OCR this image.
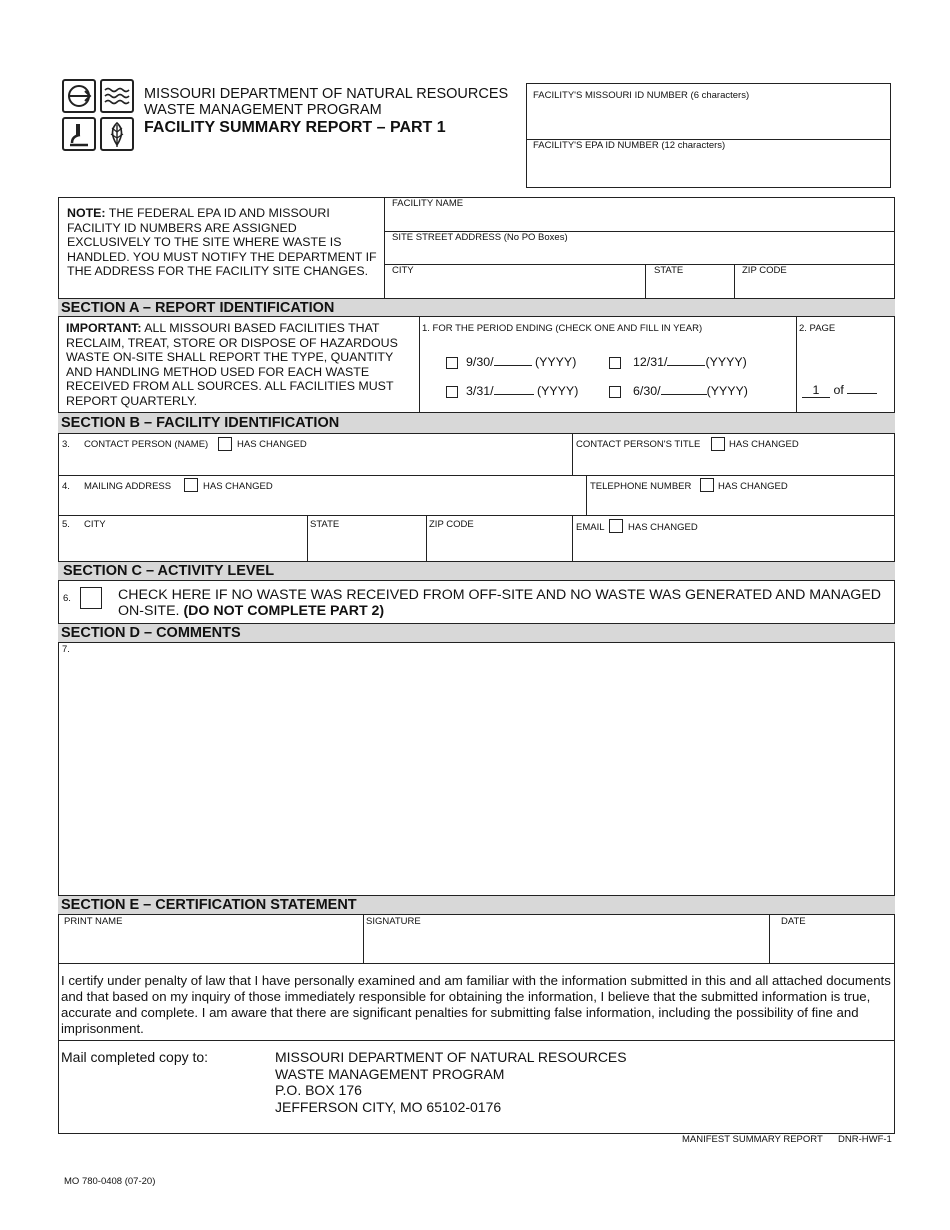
MISSOURI DEPARTMENT OF NATURAL RESOURCES
WASTE MANAGEMENT PROGRAM
FACILITY SUMMARY REPORT – PART 1
FACILITY'S MISSOURI ID NUMBER (6 characters)
FACILITY'S EPA ID NUMBER (12 characters)
NOTE: THE FEDERAL EPA ID AND MISSOURI FACILITY ID NUMBERS ARE ASSIGNED EXCLUSIVELY TO THE SITE WHERE WASTE IS HANDLED. YOU MUST NOTIFY THE DEPARTMENT IF THE ADDRESS FOR THE FACILITY SITE CHANGES.
FACILITY NAME
SITE STREET ADDRESS (No PO Boxes)
CITY	STATE	ZIP CODE
SECTION A – REPORT IDENTIFICATION
IMPORTANT: ALL MISSOURI BASED FACILITIES THAT RECLAIM, TREAT, STORE OR DISPOSE OF HAZARDOUS WASTE ON-SITE SHALL REPORT THE TYPE, QUANTITY AND HANDLING METHOD USED FOR EACH WASTE RECEIVED FROM ALL SOURCES. ALL FACILITIES MUST REPORT QUARTERLY.
1. FOR THE PERIOD ENDING (CHECK ONE AND FILL IN YEAR)
9/30/	(YYYY)	12/31/	(YYYY)
3/31/	(YYYY)	6/30/	(YYYY)
2. PAGE
1 of
SECTION B – FACILITY IDENTIFICATION
3. CONTACT PERSON (NAME)	HAS CHANGED	CONTACT PERSON'S TITLE	HAS CHANGED
4. MAILING ADDRESS	HAS CHANGED	TELEPHONE NUMBER	HAS CHANGED
5. CITY	STATE	ZIP CODE	EMAIL HAS CHANGED
SECTION C – ACTIVITY LEVEL
6.	CHECK HERE IF NO WASTE WAS RECEIVED FROM OFF-SITE AND NO WASTE WAS GENERATED AND MANAGED ON-SITE. (DO NOT COMPLETE PART 2)
SECTION D – COMMENTS
7.
SECTION E – CERTIFICATION STATEMENT
PRINT NAME	SIGNATURE	DATE
I certify under penalty of law that I have personally examined and am familiar with the information submitted in this and all attached documents and that based on my inquiry of those immediately responsible for obtaining the information, I believe that the submitted information is true, accurate and complete. I am aware that there are significant penalties for submitting false information, including the possibility of fine and imprisonment.
Mail completed copy to:	MISSOURI DEPARTMENT OF NATURAL RESOURCES
WASTE MANAGEMENT PROGRAM
P.O. BOX 176
JEFFERSON CITY, MO 65102-0176
MANIFEST SUMMARY REPORT DNR-HWF-1
MO 780-0408 (07-20)
